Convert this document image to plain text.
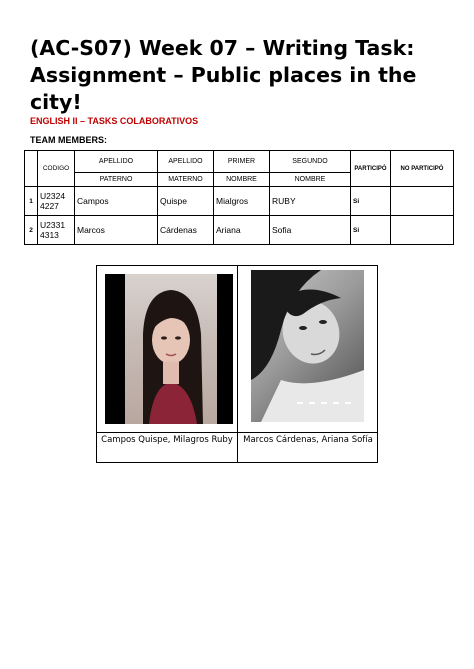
(AC-S07) Week 07 – Writing Task: Assignment – Public places in the city!

ENGLISH II – TASKS COLABORATIVOS

TEAM MEMBERS:

	CODIGO	APELLIDO	APELLIDO	PRIMER	SEGUNDO	PARTICIPÓ	NO PARTICIPÓ
		PATERNO	MATERNO	NOMBRE	NOMBRE		
1	U2324 4227	Campos	Quispe	Mialgros	RUBY	Si	
2	U2331 4313	Marcos	Cárdenas	Ariana	Sofia	Si	
Campos Quispe, Milagros Ruby	Marcos Cárdenas, Ariana Sofía
